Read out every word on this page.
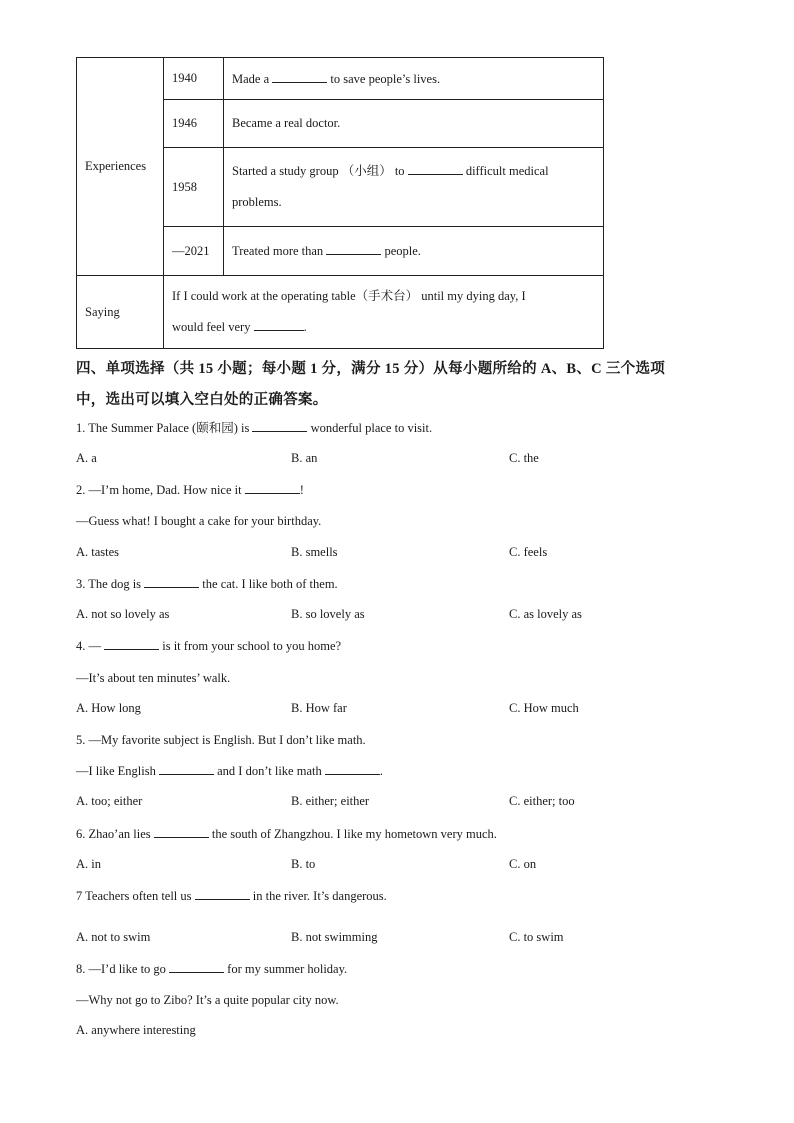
Experiences	1940	Made a to save people’s lives.
	1946	Became a real doctor.
	1958	Started a study group （小组） to difficult medical
problems.
	—2021	Treated more than people.
Saying	If I could work at the operating table（手术台） until my dying day, I
would feel very .	
四、单项选择（共 15 小题；每小题 1 分，满分 15 分）从每小题所给的 A、B、C 三个选项
中，选出可以填入空白处的正确答案。
1. The Summer Palace (颐和园) is	wonderful place to visit.
A. a	B. an	C. the
2. —I’m home, Dad. How nice it	!
—Guess what! I bought a cake for your birthday.
A. tastes	B. smells	C. feels
3. The dog is	the cat. I like both of them.
A. not so lovely as	B. so lovely as	C. as lovely as
4. —	is it from your school to you home?
—It’s about ten minutes’ walk.
A. How long	B. How far	C. How much
5. —My favorite subject is English. But I don’t like math.
—I like English	and I don’t like math	.
A. too; either	B. either; either	C. either; too
6. Zhao’an lies	the south of Zhangzhou. I like my hometown very much.
A. in	B. to	C. on
7 Teachers often tell us	in the river. It’s dangerous.
A. not to swim	B. not swimming	C. to swim
8. —I’d like to go	for my summer holiday.
—Why not go to Zibo? It’s a quite popular city now.
A. anywhere interesting
